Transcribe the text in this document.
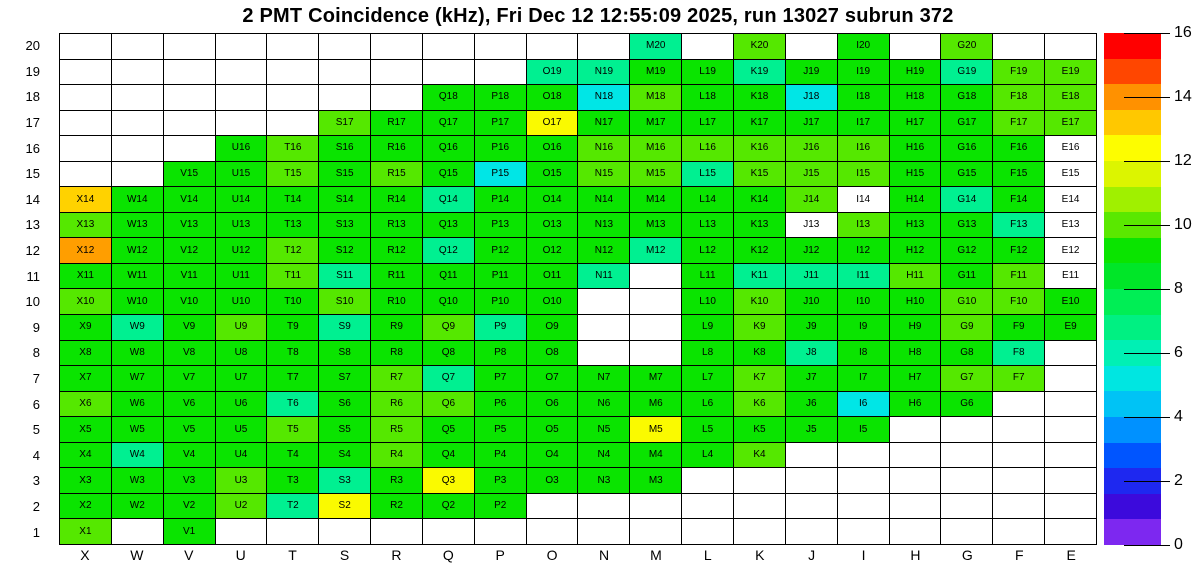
2 PMT Coincidence (kHz), Fri Dec 12 12:55:09 2025, run 13027 subrun 372
20
19
18
17
16
15
14
13
12
11
10
9
8
7
6
5
4
3
2
1
M20	K20	I20	G20
O19	N19	M19	L19	K19	J19	I19	H19	G19	F19	E19
Q18	P18	O18	N18	M18	L18	K18	J18	I18	H18	G18	F18	E18
S17	R17	Q17	P17	O17	N17	M17	L17	K17	J17	I17	H17	G17	F17	E17
U16	T16	S16	R16	Q16	P16	O16	N16	M16	L16	K16	J16	I16	H16	G16	F16	E16
V15	U15	T15	S15	R15	Q15	P15	O15	N15	M15	L15	K15	J15	I15	H15	G15	F15	E15
X14	W14	V14	U14	T14	S14	R14	Q14	P14	O14	N14	M14	L14	K14	J14	I14	H14	G14	F14	E14
X13	W13	V13	U13	T13	S13	R13	Q13	P13	O13	N13	M13	L13	K13	J13	I13	H13	G13	F13	E13
X12	W12	V12	U12	T12	S12	R12	Q12	P12	O12	N12	M12	L12	K12	J12	I12	H12	G12	F12	E12
X11	W11	V11	U11	T11	S11	R11	Q11	P11	O11	N11	L11	K11	J11	I11	H11	G11	F11	E11
X10	W10	V10	U10	T10	S10	R10	Q10	P10	O10	L10	K10	J10	I10	H10	G10	F10	E10
X9	W9	V9	U9	T9	S9	R9	Q9	P9	O9	L9	K9	J9	I9	H9	G9	F9	E9
X8	W8	V8	U8	T8	S8	R8	Q8	P8	O8	L8	K8	J8	I8	H8	G8	F8
X7	W7	V7	U7	T7	S7	R7	Q7	P7	O7	N7	M7	L7	K7	J7	I7	H7	G7	F7
X6	W6	V6	U6	T6	S6	R6	Q6	P6	O6	N6	M6	L6	K6	J6	I6	H6	G6
X5	W5	V5	U5	T5	S5	R5	Q5	P5	O5	N5	M5	L5	K5	J5	I5
X4	W4	V4	U4	T4	S4	R4	Q4	P4	O4	N4	M4	L4	K4
X3	W3	V3	U3	T3	S3	R3	Q3	P3	O3	N3	M3
X2	W2	V2	U2	T2	S2	R2	Q2	P2
X1	V1
X	W	V	U	T	S	R	Q	P	O	N	M	L	K	J	I	H	G	F	E
0
2
4
6
8
10
12
14
16
